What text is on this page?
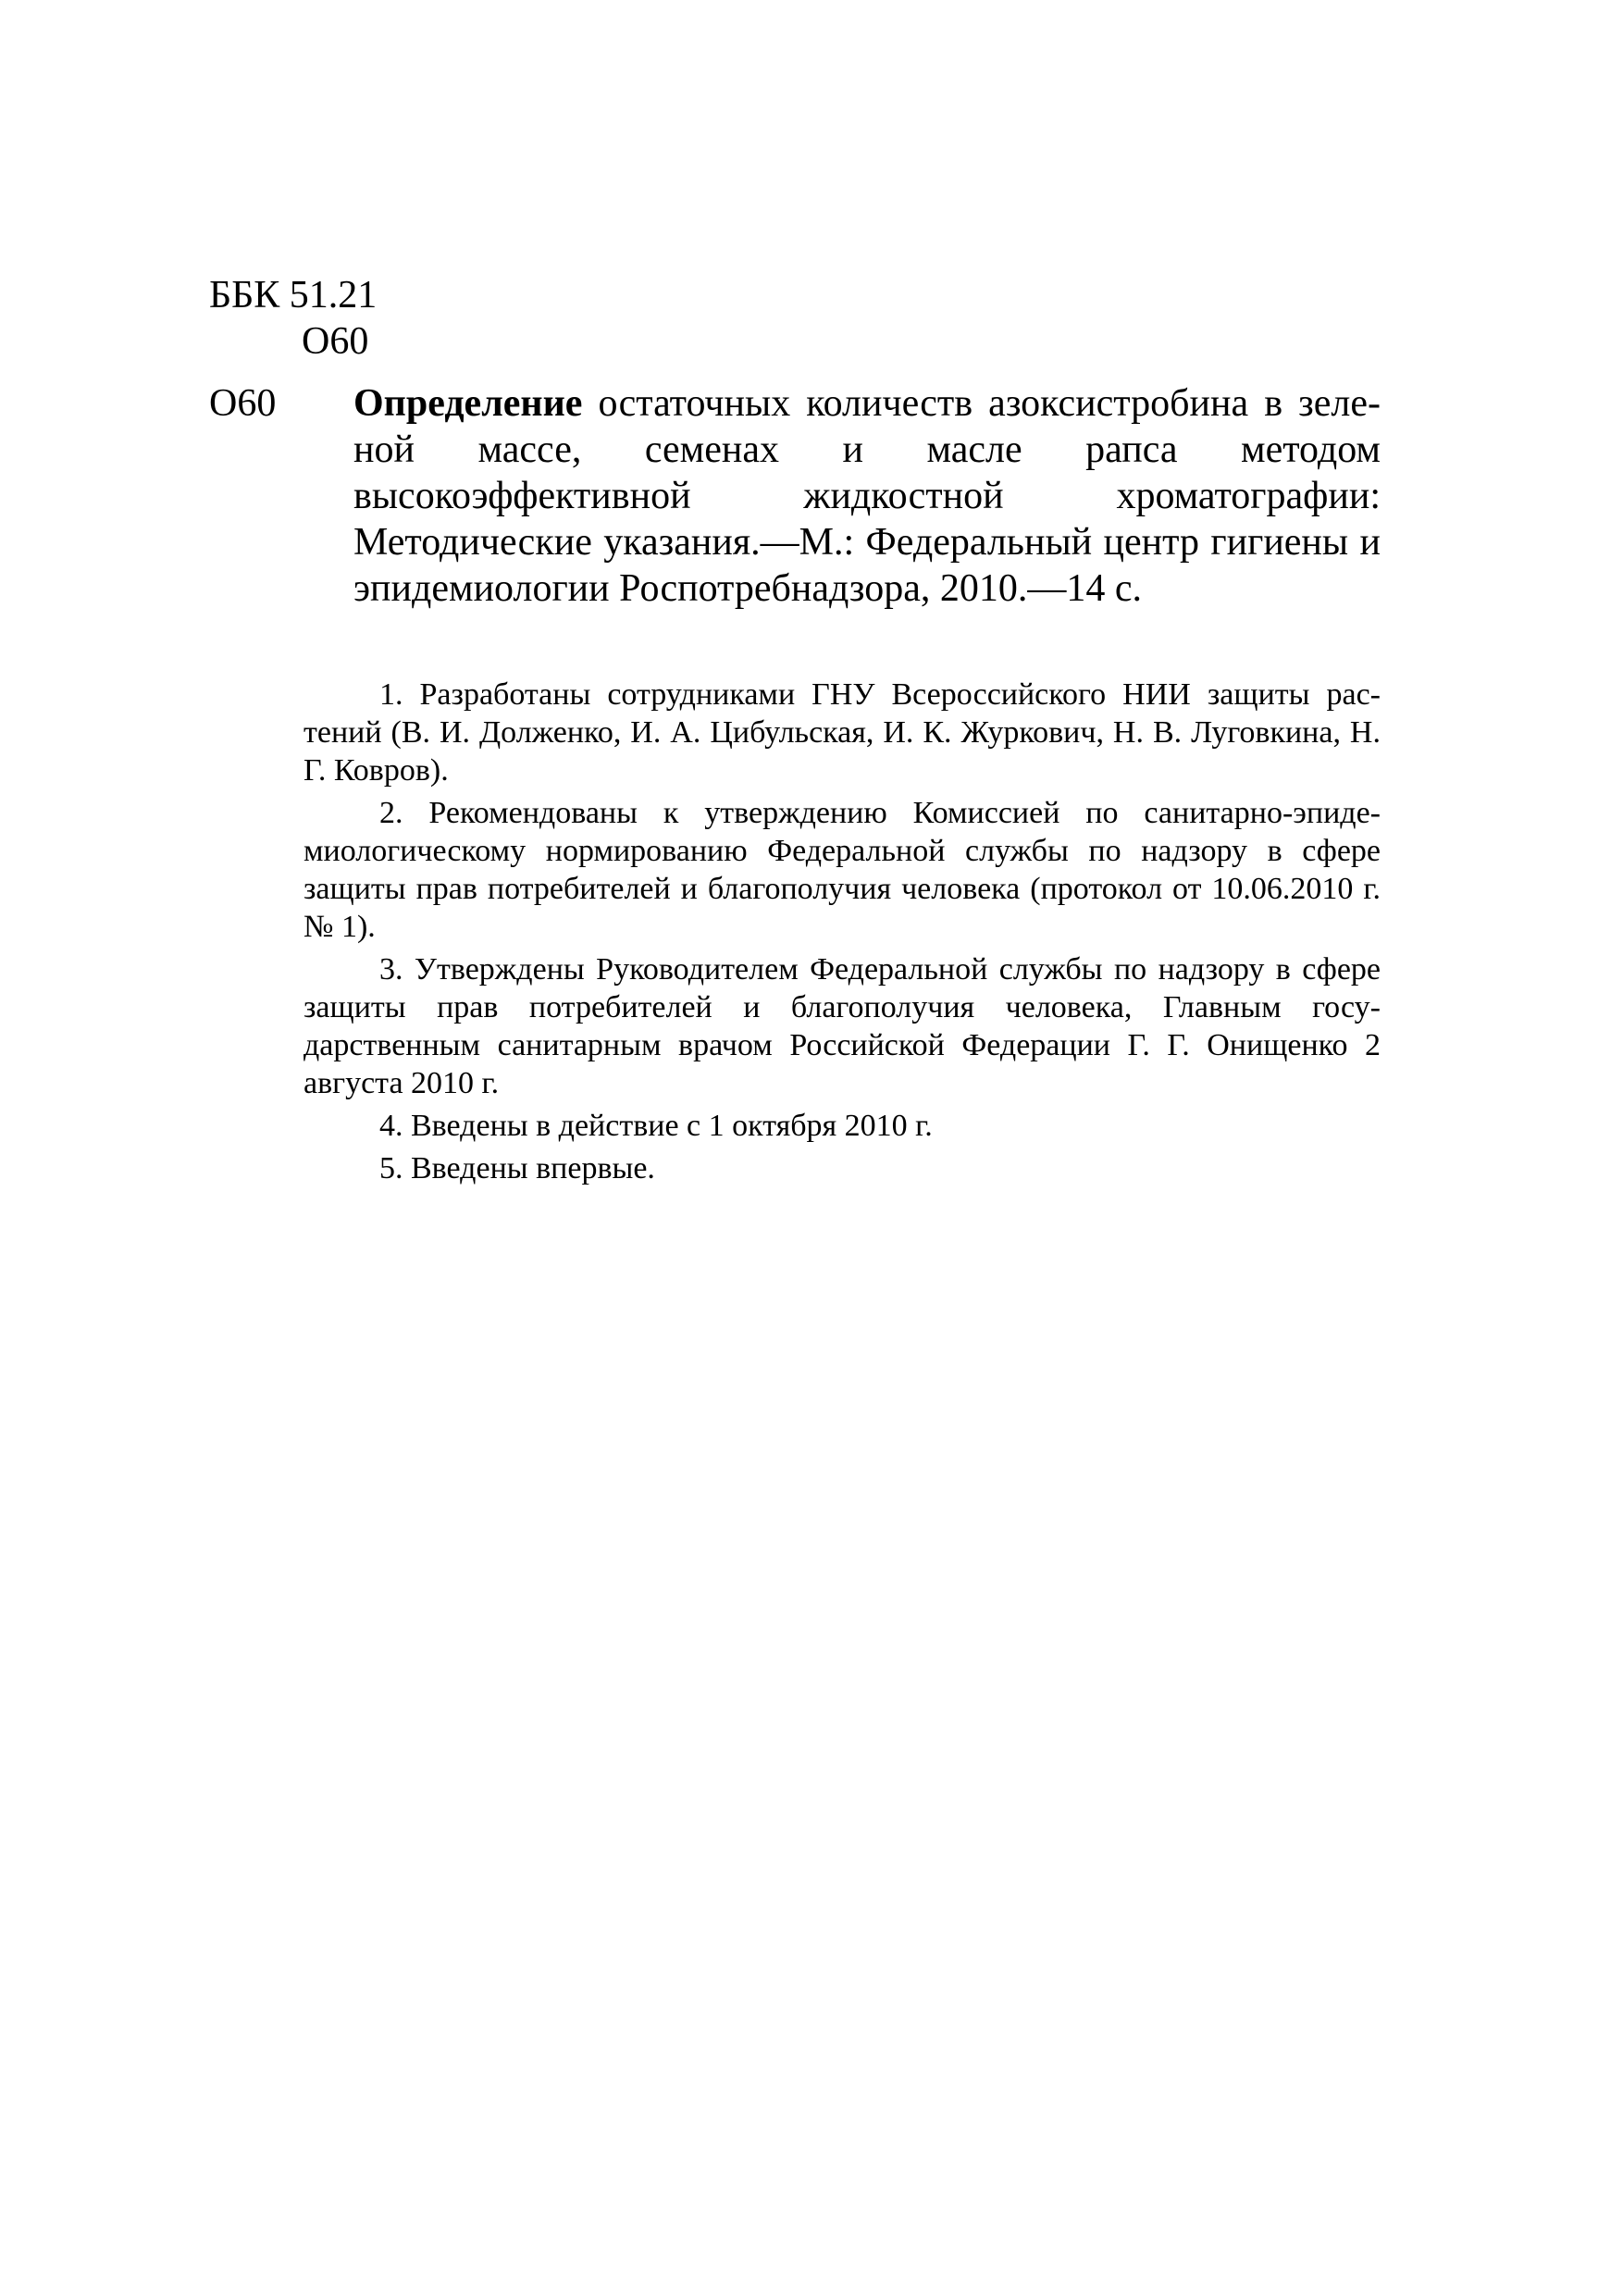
ББК 51.21
О60
О60 Определение остаточных количеств азоксистробина в зеленой массе, семенах и масле рапса методом высокоэффективной жидкостной хроматографии: Методические указания.—М.: Федеральный центр гигиены и эпидемиологии Роспотребнадзора, 2010.—14 с.

1. Разработаны сотрудниками ГНУ Всероссийского НИИ защиты растений (В. И. Долженко, И. А. Цибульская, И. К. Журкович, Н. В. Луговкина, Н. Г. Ковров).

2. Рекомендованы к утверждению Комиссией по санитарно-эпидемиологическому нормированию Федеральной службы по надзору в сфере защиты прав потребителей и благополучия человека (протокол от 10.06.2010 г. № 1).

3. Утверждены Руководителем Федеральной службы по надзору в сфере защиты прав потребителей и благополучия человека, Главным государственным санитарным врачом Российской Федерации Г. Г. Онищенко 2 августа 2010 г.

4. Введены в действие с 1 октября 2010 г.

5. Введены впервые.
